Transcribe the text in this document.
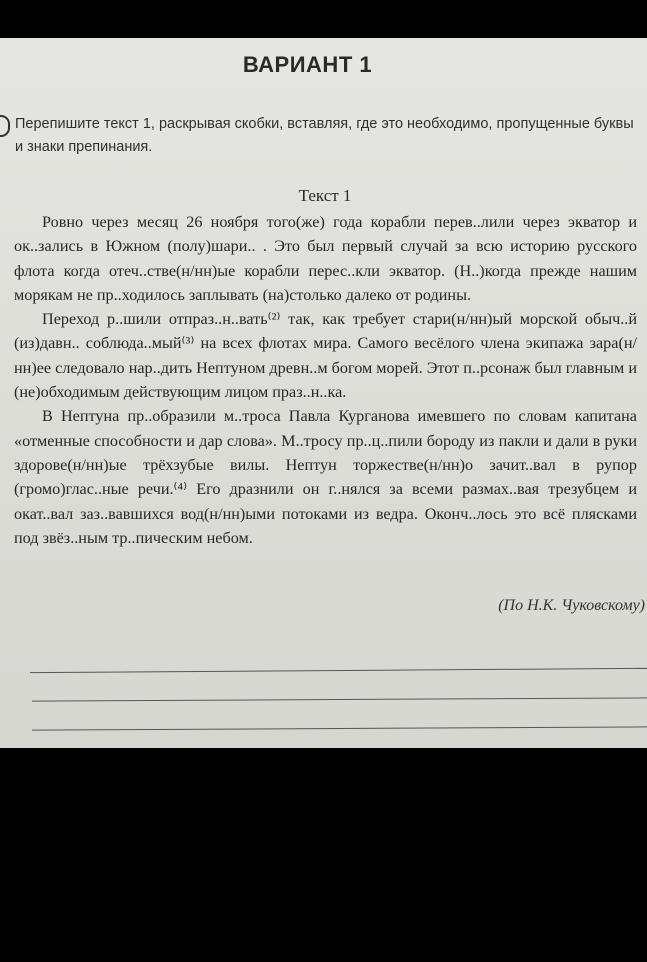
ВАРИАНТ 1
Перепишите текст 1, раскрывая скобки, вставляя, где это необходимо, пропущенные буквы и знаки препинания.
Текст 1

Ровно через месяц 26 ноября того(же) года корабли перев..лили через экватор и ок..зались в Южном (полу)шари.. . Это был первый случай за всю историю русского флота когда отеч..стве(н/нн)ые корабли перес..кли экватор. (Н..)когда прежде нашим морякам не пр..ходилось заплывать (на)столько далеко от родины.

Переход р..шили отпраз..н..вать⁽²⁾ так, как требует стари(н/нн)ый морской обыч..й (из)давн.. соблюда..мый⁽³⁾ на всех флотах мира. Самого весёлого члена экипажа зара(н/нн)ее следовало нар..дить Нептуном древн..м богом морей. Этот п..рсонаж был главным и (не)обходимым действующим лицом праз..н..ка.

В Нептуна пр..образили м..троса Павла Курганова имевшего по словам капитана «отменные способности и дар слова». М..тросу пр..ц..пили бороду из пакли и дали в руки здорове(н/нн)ые трёхзубые вилы. Нептун торжестве(н/нн)о зачит..вал в рупор (громо)глас..ные речи.⁽⁴⁾ Его дразнили он г..нялся за всеми размах..вая трезубцем и окат..вал заз..вавшихся вод(н/нн)ыми потоками из ведра. Оконч..лось это всё плясками под звёз..ным тр..пическим небом.

(По Н.К. Чуковскому)
